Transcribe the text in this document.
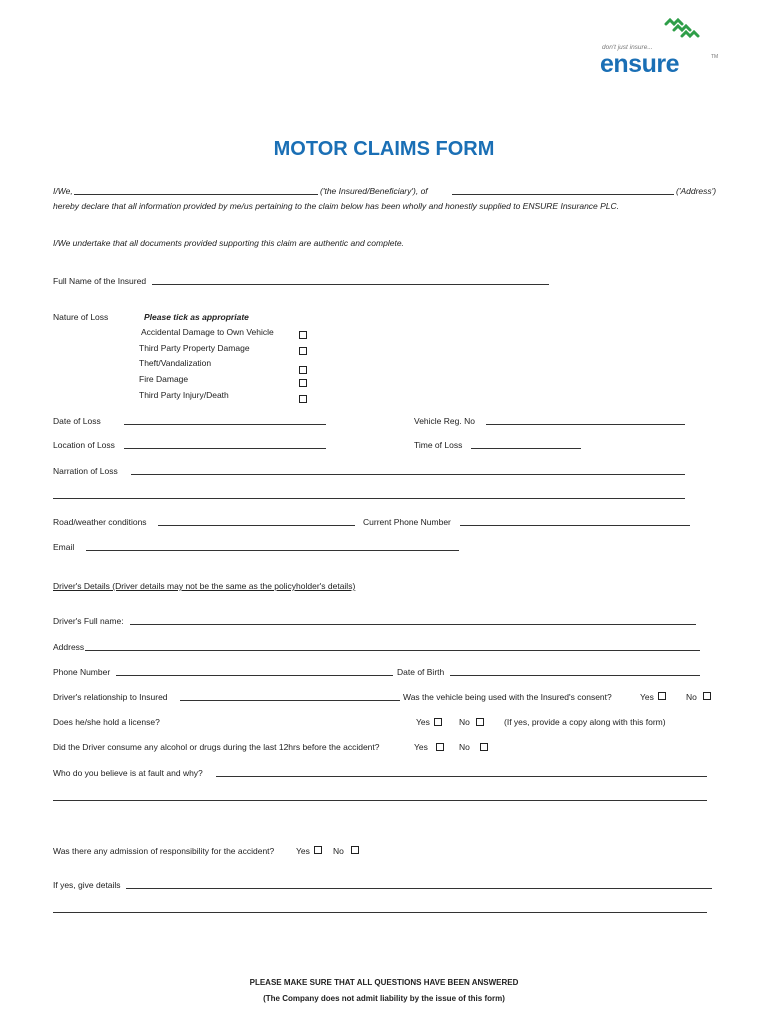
don't just insure...
ensure	TM
MOTOR CLAIMS FORM
I/We,	('the Insured/Beneficiary'), of	('Address')
hereby declare that all information provided by me/us pertaining to the claim below has been wholly and honestly supplied to ENSURE Insurance PLC.
I/We undertake that all documents provided supporting this claim are authentic and complete.
Full Name of the Insured
Nature of Loss	Please tick as appropriate
Accidental Damage to Own Vehicle
Third Party Property Damage
Theft/Vandalization
Fire Damage
Third Party Injury/Death
Date of Loss	Vehicle Reg. No
Location of Loss	Time of Loss
Narration of Loss
Road/weather conditions	Current Phone Number
Email
Driver's Details (Driver details may not be the same as the policyholder's details)
Driver's Full name:
Address
Phone Number	Date of Birth
Driver's relationship to Insured	Was the vehicle being used with the Insured's consent?	Yes	No
Does he/she hold a license?	Yes	No	(If yes, provide a copy along with this form)
Did the Driver consume any alcohol or drugs during the last 12hrs before the accident?	Yes	No
Who do you believe is at fault and why?
Was there any admission of responsibility for the accident?	Yes	No
If yes, give details
PLEASE MAKE SURE THAT ALL QUESTIONS HAVE BEEN ANSWERED
(The Company does not admit liability by the issue of this form)
